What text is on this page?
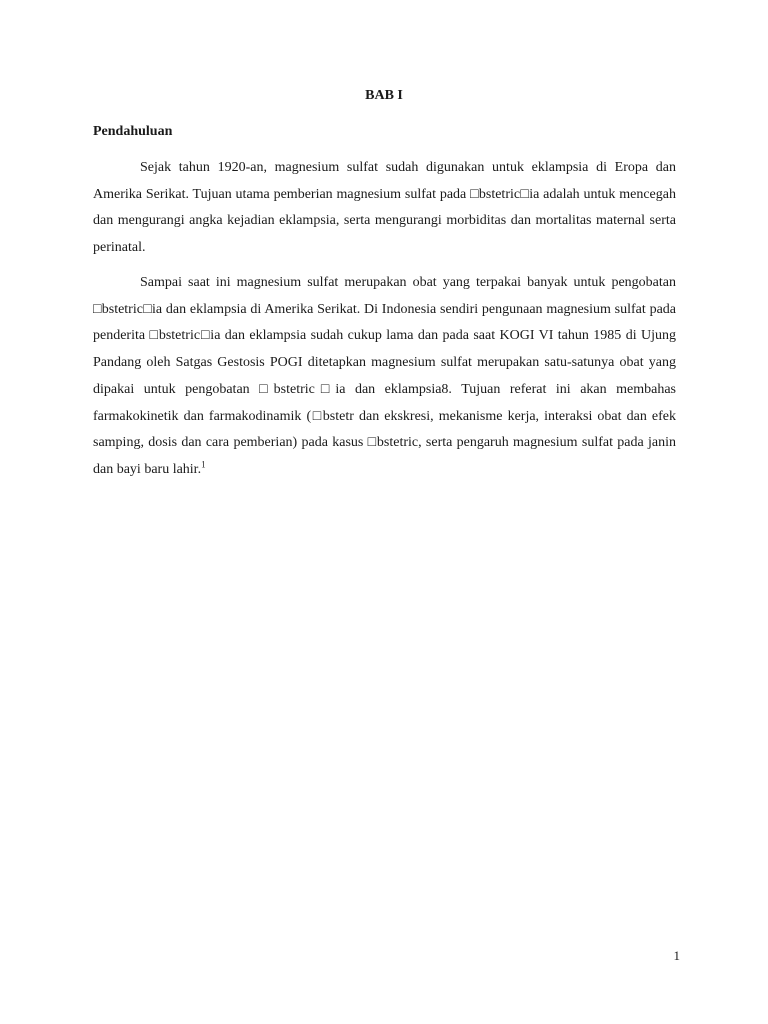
BAB I
Pendahuluan

Sejak tahun 1920-an, magnesium sulfat sudah digunakan untuk eklampsia di Eropa dan Amerika Serikat. Tujuan utama pemberian magnesium sulfat pada □bstetric□ia adalah untuk mencegah dan mengurangi angka kejadian eklampsia, serta mengurangi morbiditas dan mortalitas maternal serta perinatal.

Sampai saat ini magnesium sulfat merupakan obat yang terpakai banyak untuk pengobatan □bstetric□ia dan eklampsia di Amerika Serikat. Di Indonesia sendiri pengunaan magnesium sulfat pada penderita □bstetric□ia dan eklampsia sudah cukup lama dan pada saat KOGI VI tahun 1985 di Ujung Pandang oleh Satgas Gestosis POGI ditetapkan magnesium sulfat merupakan satu-satunya obat yang dipakai untuk pengobatan □bstetric□ia dan eklampsia8. Tujuan referat ini akan membahas farmakokinetik dan farmakodinamik (□bstetr dan ekskresi, mekanisme kerja, interaksi obat dan efek samping, dosis dan cara pemberian) pada kasus □bstetric, serta pengaruh magnesium sulfat pada janin dan bayi baru lahir.$^1$

1
